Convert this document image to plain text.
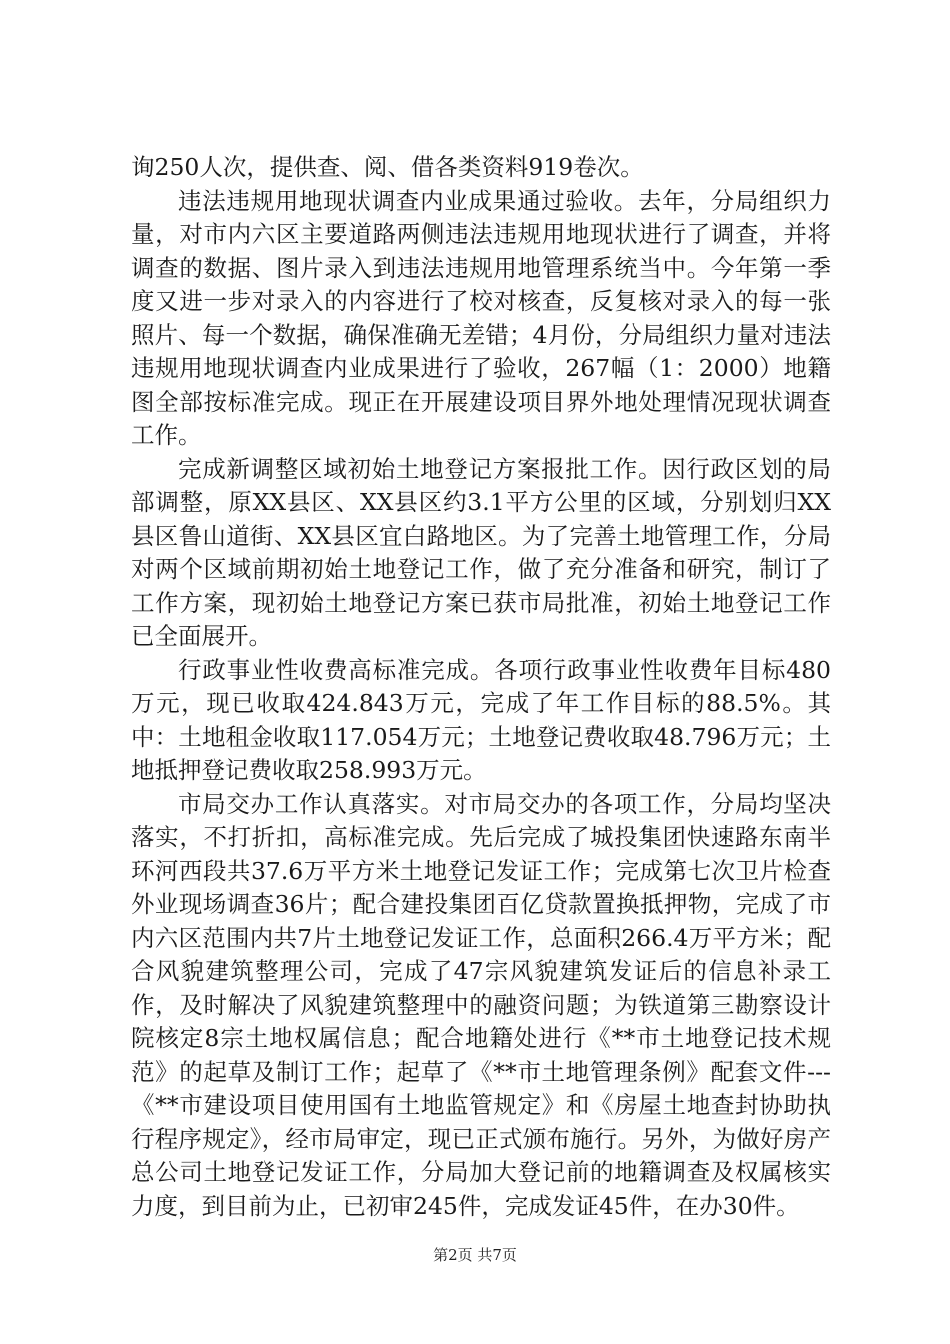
询250人次，提供查、阅、借各类资料919卷次。

违法违规用地现状调查内业成果通过验收。去年，分局组织力量，对市内六区主要道路两侧违法违规用地现状进行了调查，并将调查的数据、图片录入到违法违规用地管理系统当中。今年第一季度又进一步对录入的内容进行了校对核查，反复核对录入的每一张照片、每一个数据，确保准确无差错；4月份，分局组织力量对违法违规用地现状调查内业成果进行了验收，267幅（1：2000）地籍图全部按标准完成。现正在开展建设项目界外地处理情况现状调查工作。

完成新调整区域初始土地登记方案报批工作。因行政区划的局部调整，原XX县区、XX县区约3.1平方公里的区域，分别划归XX县区鲁山道街、XX县区宜白路地区。为了完善土地管理工作，分局对两个区域前期初始土地登记工作，做了充分准备和研究，制订了工作方案，现初始土地登记方案已获市局批准，初始土地登记工作已全面展开。

行政事业性收费高标准完成。各项行政事业性收费年目标480万元，现已收取424.843万元，完成了年工作目标的88.5%。其中：土地租金收取117.054万元；土地登记费收取48.796万元；土地抵押登记费收取258.993万元。

市局交办工作认真落实。对市局交办的各项工作，分局均坚决落实，不打折扣，高标准完成。先后完成了城投集团快速路东南半环河西段共37.6万平方米土地登记发证工作；完成第七次卫片检查外业现场调查36片；配合建投集团百亿贷款置换抵押物，完成了市内六区范围内共7片土地登记发证工作，总面积266.4万平方米；配合风貌建筑整理公司，完成了47宗风貌建筑发证后的信息补录工作，及时解决了风貌建筑整理中的融资问题；为铁道第三勘察设计院核定8宗土地权属信息；配合地籍处进行《**市土地登记技术规范》的起草及制订工作；起草了《**市土地管理条例》配套文件---《**市建设项目使用国有土地监管规定》和《房屋土地查封协助执行程序规定》，经市局审定，现已正式颁布施行。另外，为做好房产总公司土地登记发证工作，分局加大登记前的地籍调查及权属核实力度，到目前为止，已初审245件，完成发证45件，在办30件。

第2页 共7页
